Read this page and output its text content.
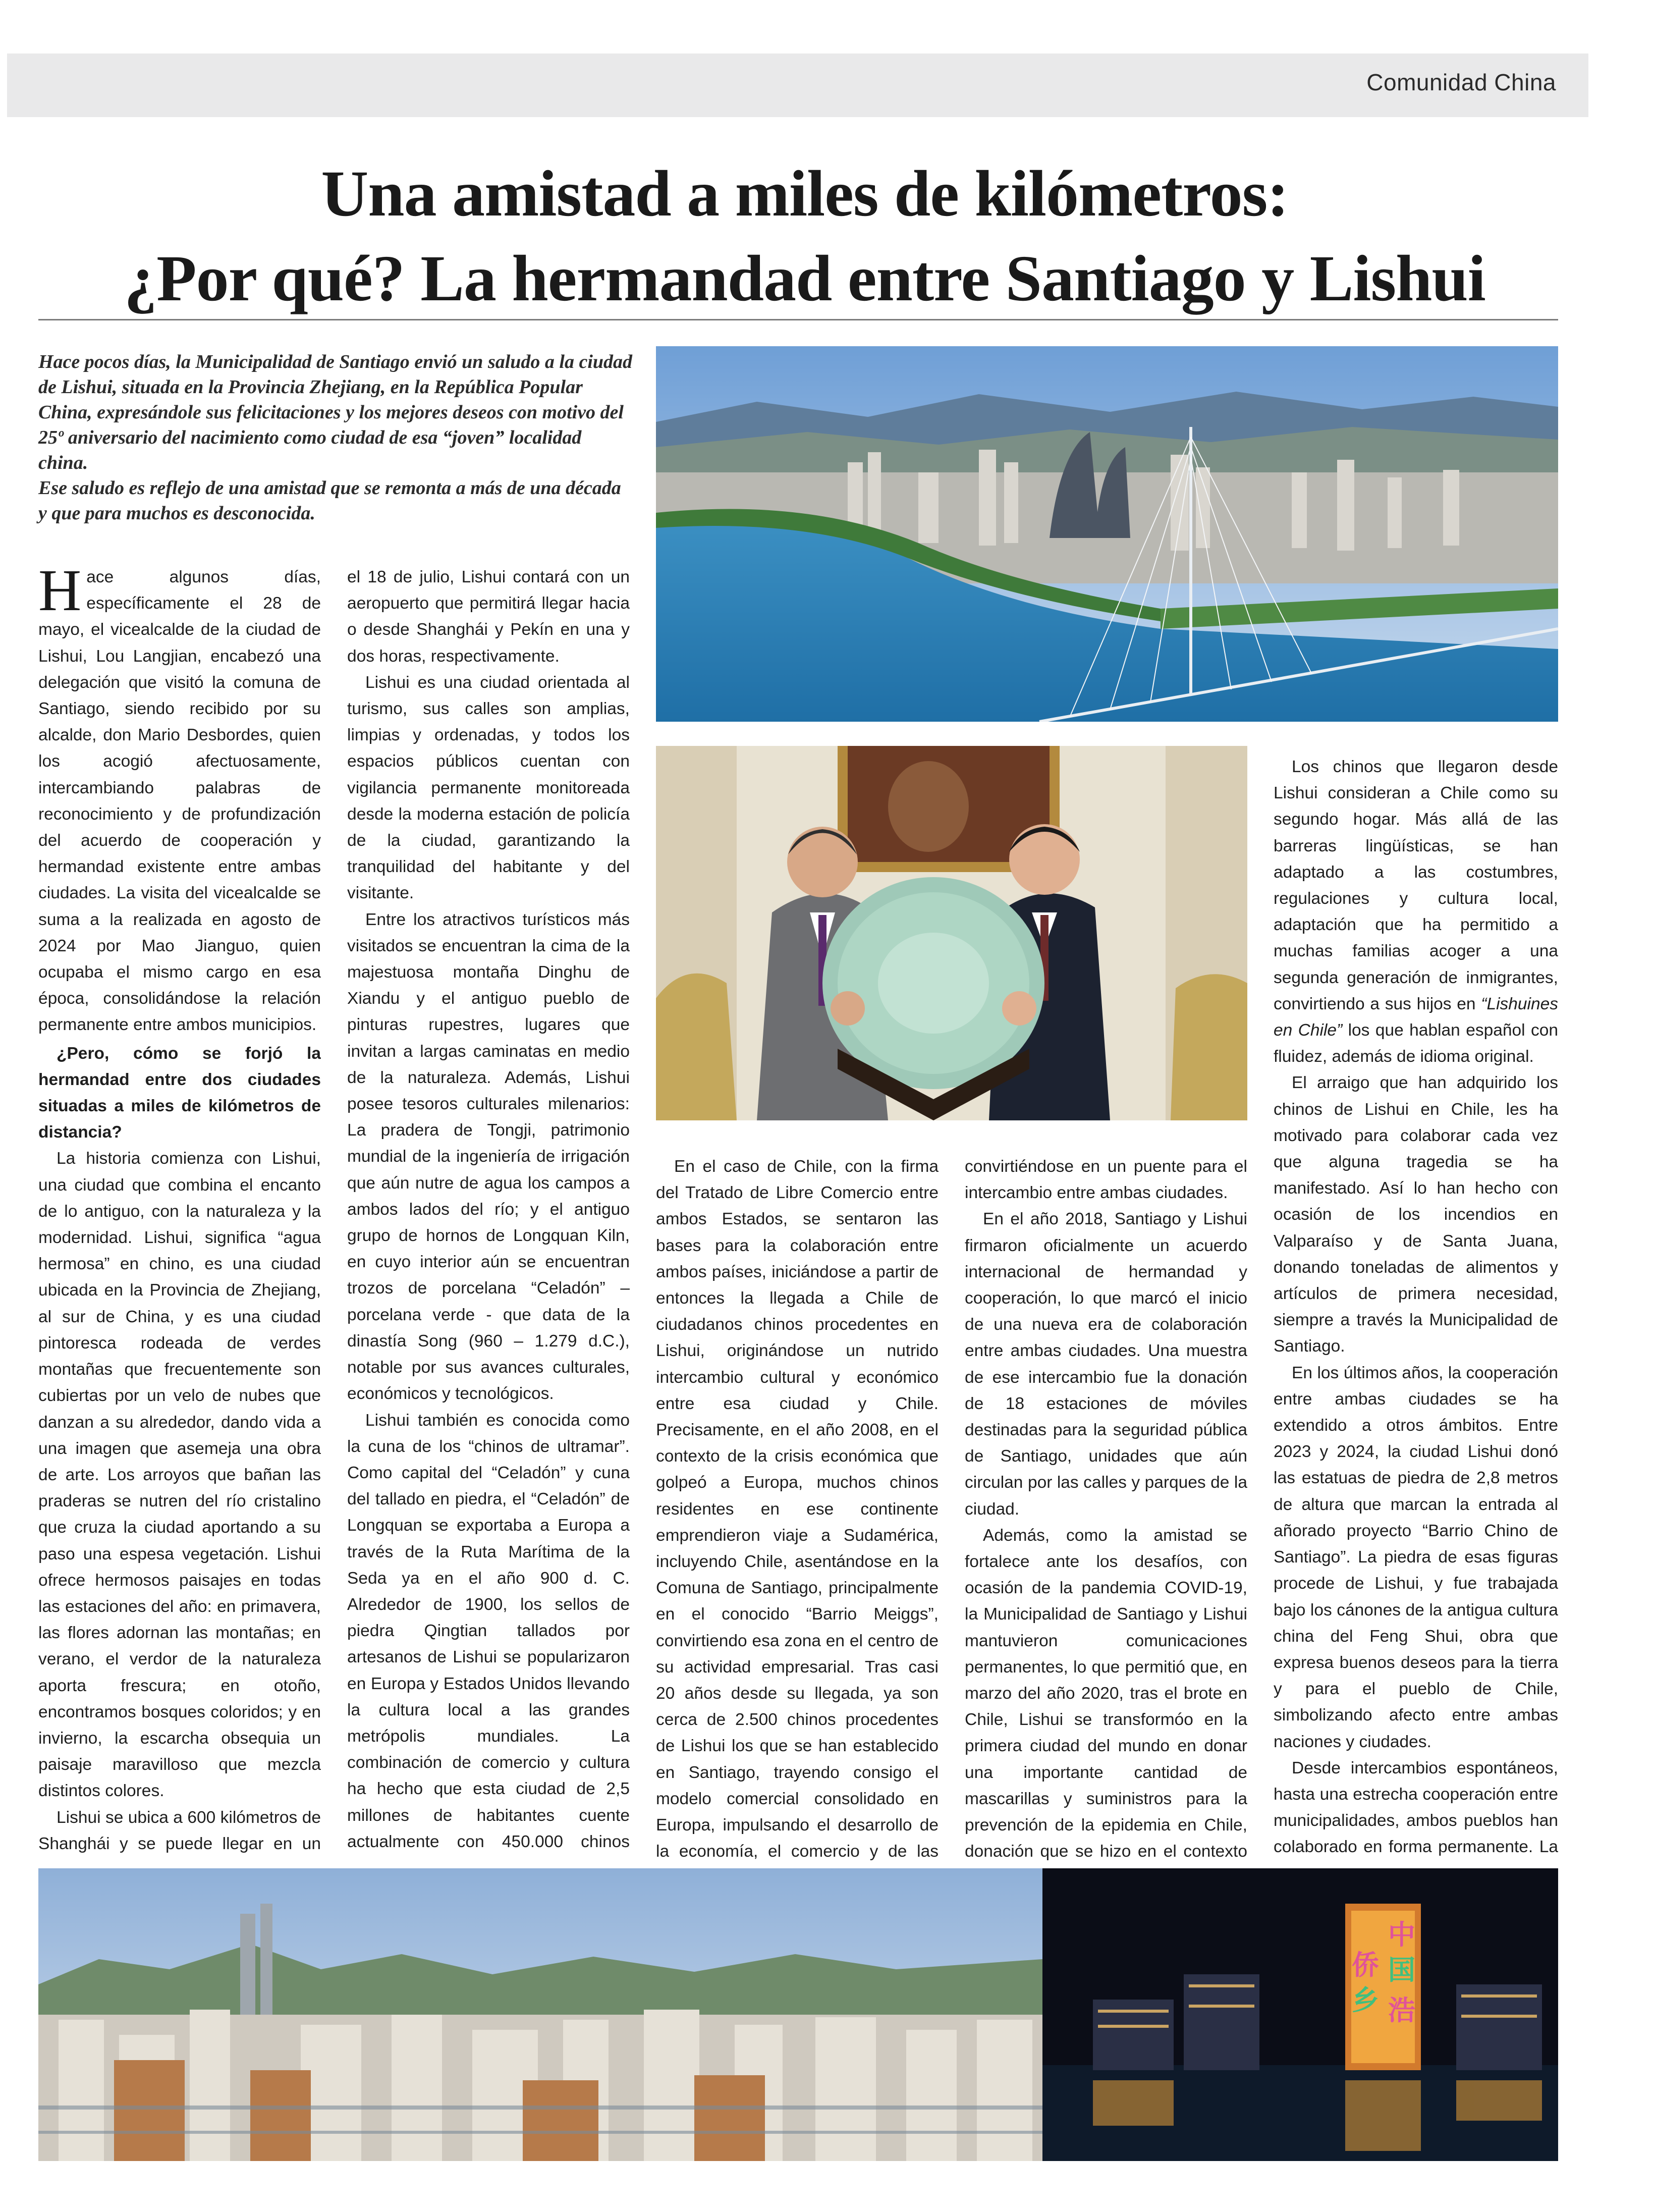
Comunidad China
Una amistad a miles de kilómetros:
¿Por qué? La hermandad entre Santiago y Lishui
Hace pocos días, la Municipalidad de Santiago envió un saludo a la ciudad de Lishui, situada en la Provincia Zhejiang, en la República Popular China, expresándole sus felicitaciones y los mejores deseos con motivo del 25º aniversario del nacimiento como ciudad de esa “joven” localidad china.
Ese saludo es reflejo de una amistad que se remonta a más de una década y que para muchos es desconocida.

Hace algunos días, específicamente el 28 de mayo, el vicealcalde de la ciudad de Lishui, Lou Langjian, encabezó una delegación que visitó la comuna de Santiago, siendo recibido por su alcalde, don Mario Desbordes, quien los acogió afectuosamente, intercambiando palabras de reconocimiento y de profundización del acuerdo de cooperación y hermandad existente entre ambas ciudades. La visita del vicealcalde se suma a la realizada en agosto de 2024 por Mao Jianguo, quien ocupaba el mismo cargo en esa época, consolidándose la relación permanente entre ambos municipios.

¿Pero, cómo se forjó la hermandad entre dos ciudades situadas a miles de kilómetros de distancia?

La historia comienza con Lishui, una ciudad que combina el encanto de lo antiguo, con la naturaleza y la modernidad. Lishui, significa “agua hermosa” en chino, es una ciudad ubicada en la Provincia de Zhejiang, al sur de China, y es una ciudad pintoresca rodeada de verdes montañas que frecuentemente son cubiertas por un velo de nubes que danzan a su alrededor, dando vida a una imagen que asemeja una obra de arte. Los arroyos que bañan las praderas se nutren del río cristalino que cruza la ciudad aportando a su paso una espesa vegetación. Lishui ofrece hermosos paisajes en todas las estaciones del año: en primavera, las flores adornan las montañas; en verano, el verdor de la naturaleza aporta frescura; en otoño, encontramos bosques coloridos; y en invierno, la escarcha obsequia un paisaje maravilloso que mezcla distintos colores.

Lishui se ubica a 600 kilómetros de Shanghái y se puede llegar en un

el 18 de julio, Lishui contará con un aeropuerto que permitirá llegar hacia o desde Shanghái y Pekín en una y dos horas, respectivamente.

Lishui es una ciudad orientada al turismo, sus calles son amplias, limpias y ordenadas, y todos los espacios públicos cuentan con vigilancia permanente monitoreada desde la moderna estación de policía de la ciudad, garantizando la tranquilidad del habitante y del visitante.

Entre los atractivos turísticos más visitados se encuentran la cima de la majestuosa montaña Dinghu de Xiandu y el antiguo pueblo de pinturas rupestres, lugares que invitan a largas caminatas en medio de la naturaleza. Además, Lishui posee tesoros culturales milenarios: La pradera de Tongji, patrimonio mundial de la ingeniería de irrigación que aún nutre de agua los campos a ambos lados del río; y el antiguo grupo de hornos de Longquan Kiln, en cuyo interior aún se encuentran trozos de porcelana “Celadón” – porcelana verde - que data de la dinastía Song (960 – 1.279 d.C.), notable por sus avances culturales, económicos y tecnológicos.

Lishui también es conocida como la cuna de los “chinos de ultramar”. Como capital del “Celadón” y cuna del tallado en piedra, el “Celadón” de Longquan se exportaba a Europa a través de la Ruta Marítima de la Seda ya en el año 900 d. C. Alrededor de 1900, los sellos de piedra Qingtian tallados por artesanos de Lishui se popularizaron en Europa y Estados Unidos llevando la cultura local a las grandes metrópolis mundiales. La combinación de comercio y cultura ha hecho que esta ciudad de 2,5 millones de habitantes cuente actualmente con 450.000 chinos

En el caso de Chile, con la firma del Tratado de Libre Comercio entre ambos Estados, se sentaron las bases para la colaboración entre ambos países, iniciándose a partir de entonces la llegada a Chile de ciudadanos chinos procedentes en Lishui, originándose un nutrido intercambio cultural y económico entre esa ciudad y Chile. Precisamente, en el año 2008, en el contexto de la crisis económica que golpeó a Europa, muchos chinos residentes en ese continente emprendieron viaje a Sudamérica, incluyendo Chile, asentándose en la Comuna de Santiago, principalmente en el conocido “Barrio Meiggs”, convirtiendo esa zona en el centro de su actividad empresarial. Tras casi 20 años desde su llegada, ya son cerca de 2.500 chinos procedentes de Lishui los que se han establecido en Santiago, trayendo consigo el modelo comercial consolidado en Europa, impulsando el desarrollo de la economía, el comercio y de las

convirtiéndose en un puente para el intercambio entre ambas ciudades.

En el año 2018, Santiago y Lishui firmaron oficialmente un acuerdo internacional de hermandad y cooperación, lo que marcó el inicio de una nueva era de colaboración entre ambas ciudades. Una muestra de ese intercambio fue la donación de 18 estaciones de móviles destinadas para la seguridad pública de Santiago, unidades que aún circulan por las calles y parques de la ciudad.

Además, como la amistad se fortalece ante los desafíos, con ocasión de la pandemia COVID-19, la Municipalidad de Santiago y Lishui mantuvieron comunicaciones permanentes, lo que permitió que, en marzo del año 2020, tras el brote en Chile, Lishui se transformóo en la primera ciudad del mundo en donar una importante cantidad de mascarillas y suministros para la prevención de la epidemia en Chile, donación que se hizo en el contexto

Los chinos que llegaron desde Lishui consideran a Chile como su segundo hogar. Más allá de las barreras lingüísticas, se han adaptado a las costumbres, regulaciones y cultura local, adaptación que ha permitido a muchas familias acoger a una segunda generación de inmigrantes, convirtiendo a sus hijos en “Lishuines en Chile” los que hablan español con fluidez, además de idioma original.

El arraigo que han adquirido los chinos de Lishui en Chile, les ha motivado para colaborar cada vez que alguna tragedia se ha manifestado. Así lo han hecho con ocasión de los incendios en Valparaíso y de Santa Juana, donando toneladas de alimentos y artículos de primera necesidad, siempre a través la Municipalidad de Santiago.

En los últimos años, la cooperación entre ambas ciudades se ha extendido a otros ámbitos. Entre 2023 y 2024, la ciudad Lishui donó las estatuas de piedra de 2,8 metros de altura que marcan la entrada al añorado proyecto “Barrio Chino de Santiago”. La piedra de esas figuras procede de Lishui, y fue trabajada bajo los cánones de la antigua cultura china del Feng Shui, obra que expresa buenos deseos para la tierra y para el pueblo de Chile, simbolizando afecto entre ambas naciones y ciudades.

Desde intercambios espontáneos, hasta una estrecha cooperación entre municipalidades, ambos pueblos han colaborado en forma permanente. La

中
国
侨
乡 浩
